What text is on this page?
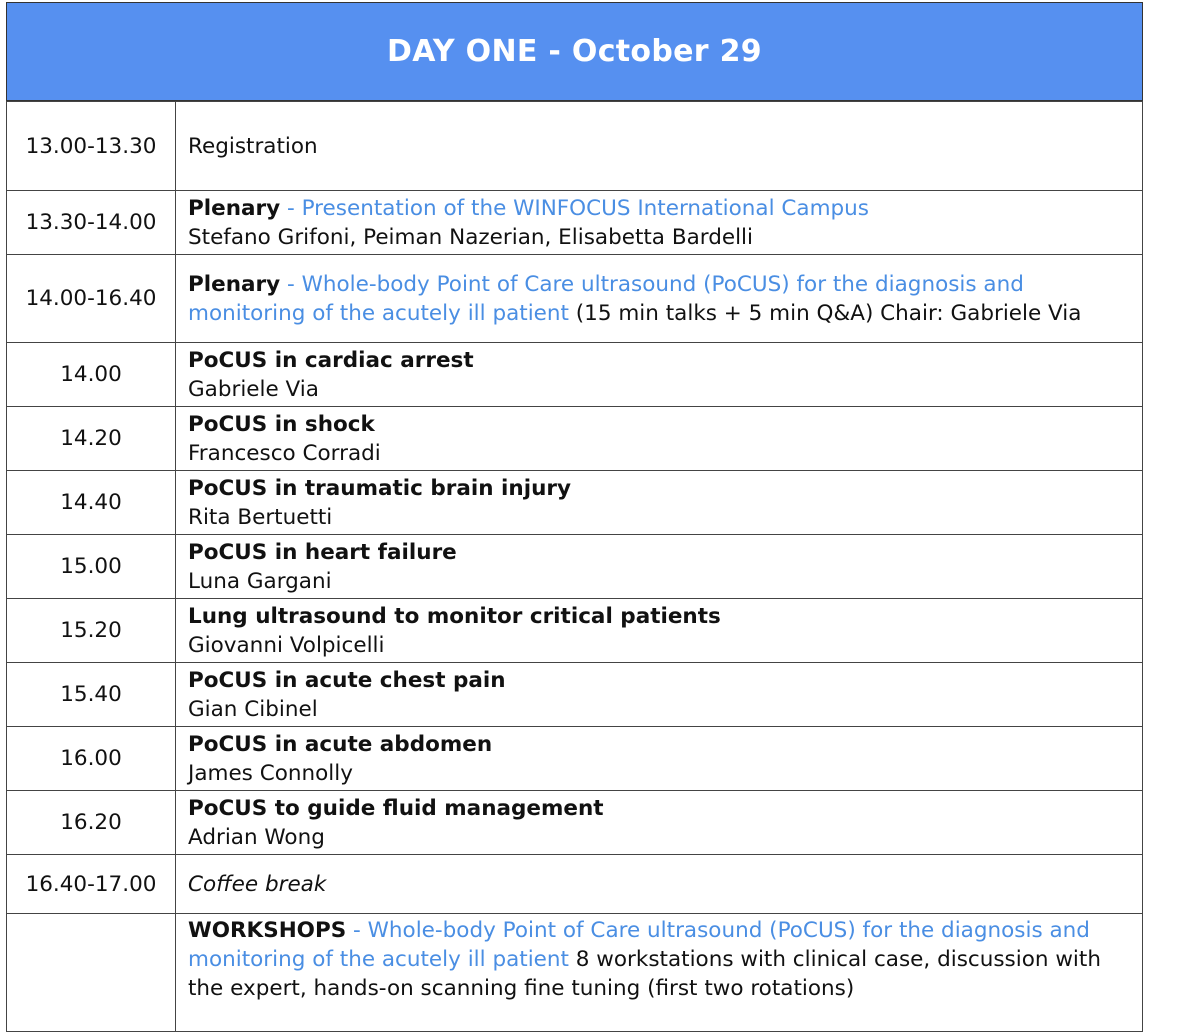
DAY ONE - October 29
13.00-13.30	Registration
13.30-14.00	Plenary - Presentation of the WINFOCUS International Campus
Stefano Grifoni, Peiman Nazerian, Elisabetta Bardelli

14.00-16.40	Plenary - Whole-body Point of Care ultrasound (PoCUS) for the diagnosis and monitoring of the acutely ill patient (15 min talks + 5 min Q&A) Chair: Gabriele Via
14.00	PoCUS in cardiac arrest
Gabriele Via

14.20	PoCUS in shock
Francesco Corradi

14.40	PoCUS in traumatic brain injury
Rita Bertuetti

15.00	PoCUS in heart failure
Luna Gargani

15.20	Lung ultrasound to monitor critical patients
Giovanni Volpicelli

15.40	PoCUS in acute chest pain
Gian Cibinel

16.00	PoCUS in acute abdomen
James Connolly

16.20	PoCUS to guide fluid management
Adrian Wong

16.40-17.00	Coffee break
	WORKSHOPS - Whole-body Point of Care ultrasound (PoCUS) for the diagnosis and monitoring of the acutely ill patient 8 workstations with clinical case, discussion with the expert, hands-on scanning fine tuning (first two rotations)
